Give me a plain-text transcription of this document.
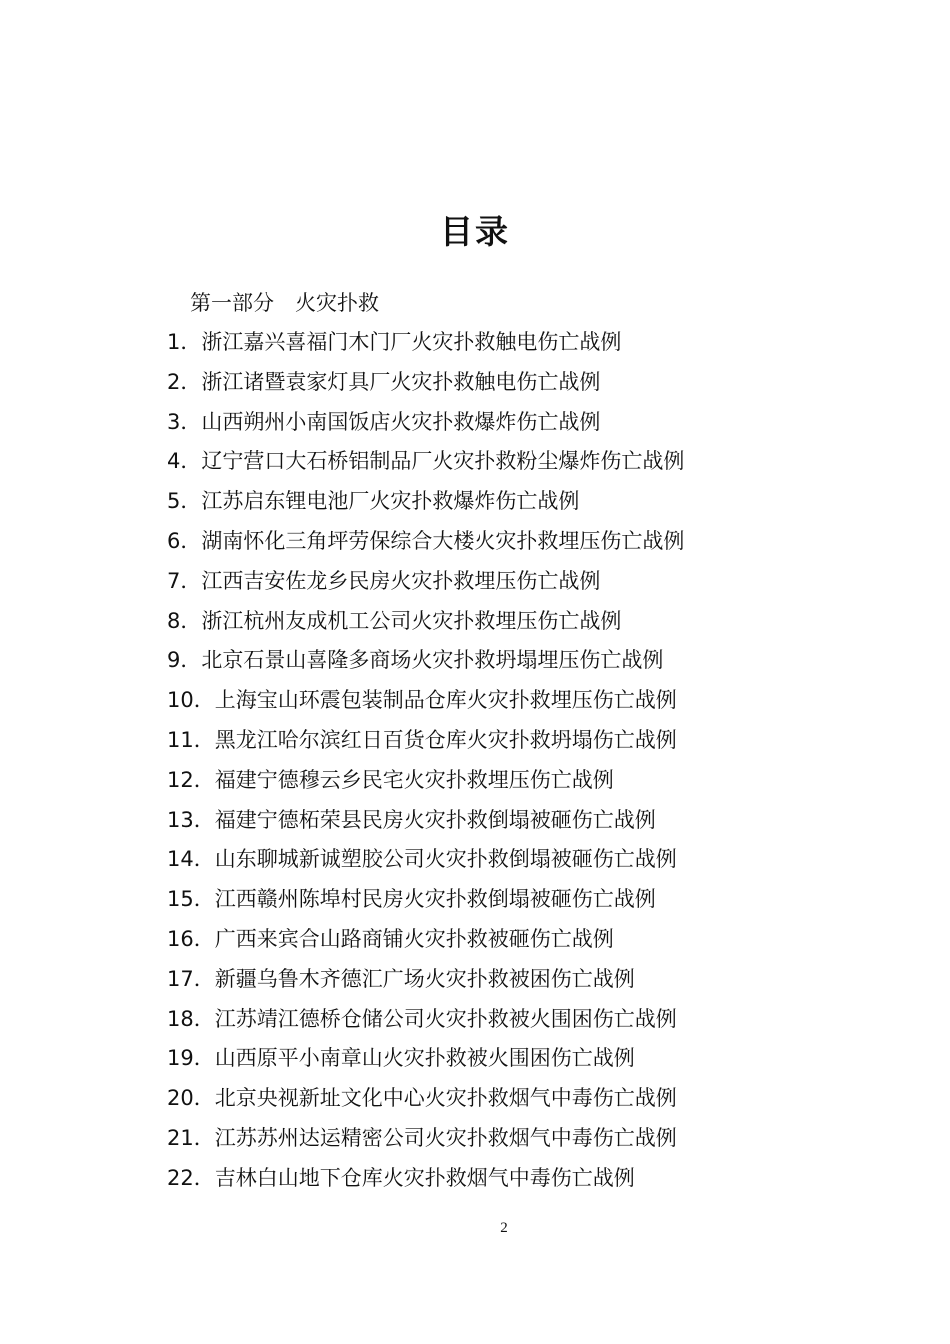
目录
第一部分　火灾扑救
1．浙江嘉兴喜福门木门厂火灾扑救触电伤亡战例
2．浙江诸暨袁家灯具厂火灾扑救触电伤亡战例
3．山西朔州小南国饭店火灾扑救爆炸伤亡战例
4．辽宁营口大石桥铝制品厂火灾扑救粉尘爆炸伤亡战例
5．江苏启东锂电池厂火灾扑救爆炸伤亡战例
6．湖南怀化三角坪劳保综合大楼火灾扑救埋压伤亡战例
7．江西吉安佐龙乡民房火灾扑救埋压伤亡战例
8．浙江杭州友成机工公司火灾扑救埋压伤亡战例
9．北京石景山喜隆多商场火灾扑救坍塌埋压伤亡战例
10．上海宝山环震包装制品仓库火灾扑救埋压伤亡战例
11．黑龙江哈尔滨红日百货仓库火灾扑救坍塌伤亡战例
12．福建宁德穆云乡民宅火灾扑救埋压伤亡战例
13．福建宁德柘荣县民房火灾扑救倒塌被砸伤亡战例
14．山东聊城新诚塑胶公司火灾扑救倒塌被砸伤亡战例
15．江西赣州陈埠村民房火灾扑救倒塌被砸伤亡战例
16．广西来宾合山路商铺火灾扑救被砸伤亡战例
17．新疆乌鲁木齐德汇广场火灾扑救被困伤亡战例
18．江苏靖江德桥仓储公司火灾扑救被火围困伤亡战例
19．山西原平小南章山火灾扑救被火围困伤亡战例
20．北京央视新址文化中心火灾扑救烟气中毒伤亡战例
21．江苏苏州达运精密公司火灾扑救烟气中毒伤亡战例
22．吉林白山地下仓库火灾扑救烟气中毒伤亡战例
2
